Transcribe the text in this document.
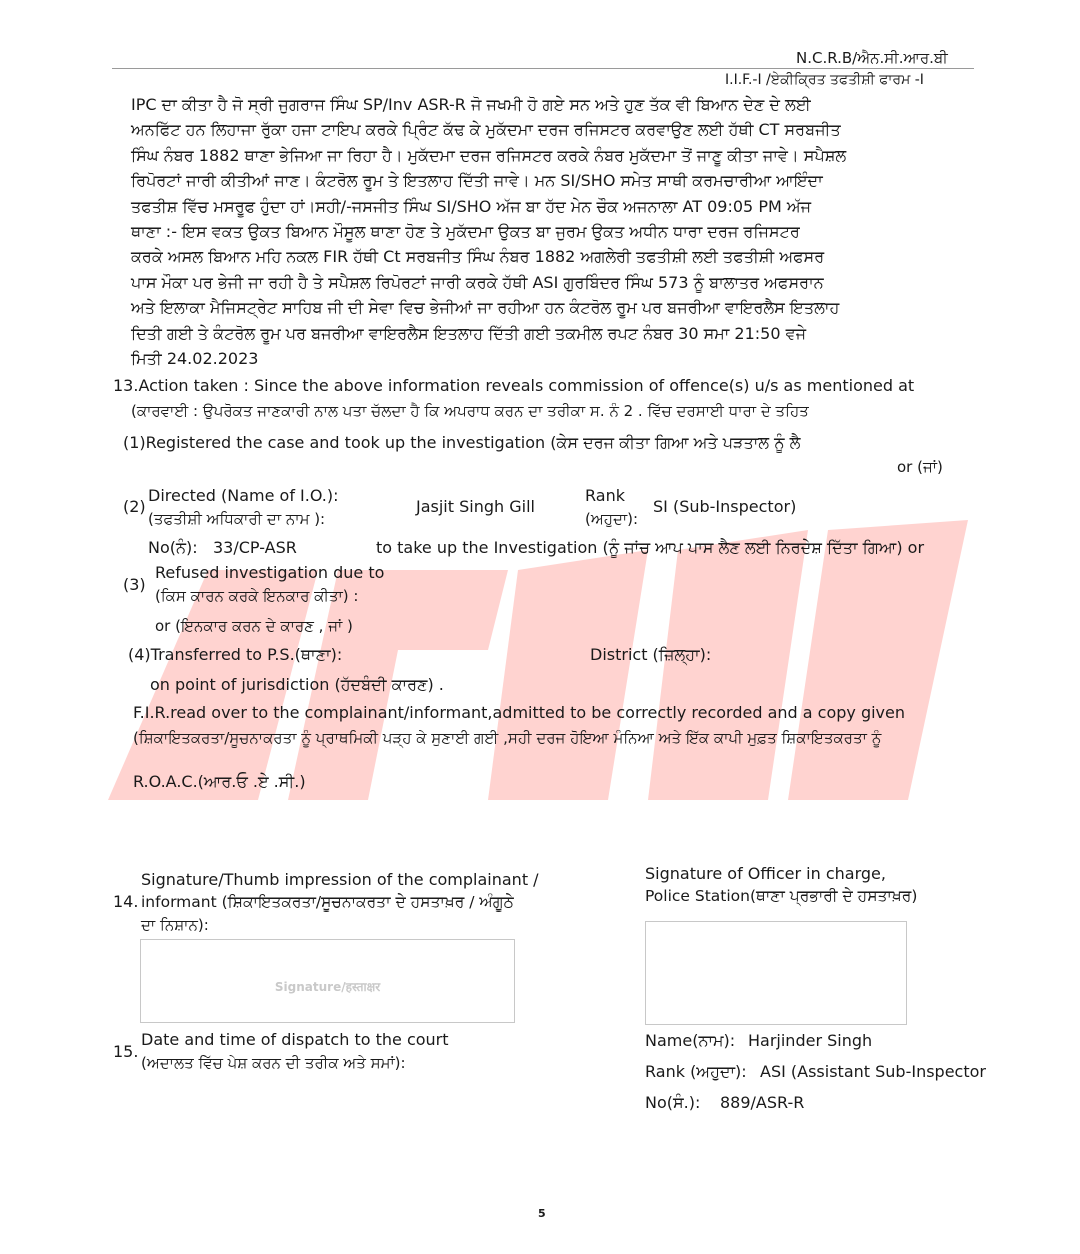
N.C.R.B/ਐਨ.ਸੀ.ਆਰ.ਬੀ
I.I.F.-I /ਏਕੀਕ੍ਰਿਤ ਤਫਤੀਸ਼ੀ ਫਾਰਮ -I
IPC ਦਾ ਕੀਤਾ ਹੈ ਜੋ ਸ੍ਰੀ ਜੁਗਰਾਜ ਸਿੰਘ SP/Inv ASR-R ਜੋ ਜਖਮੀ ਹੋ ਗਏ ਸਨ ਅਤੇ ਹੁਣ ਤੱਕ ਵੀ ਬਿਆਨ ਦੇਣ ਦੇ ਲਈ
ਅਨਫਿੱਟ ਹਨ ਲਿਹਾਜਾ ਰੁੱਕਾ ਹਜਾ ਟਾਇਪ ਕਰਕੇ ਪ੍ਰਿੰਟ ਕੱਢ ਕੇ ਮੁਕੱਦਮਾ ਦਰਜ ਰਜਿਸਟਰ ਕਰਵਾਉਣ ਲਈ ਹੱਥੀ CT ਸਰਬਜੀਤ
ਸਿੰਘ ਨੰਬਰ 1882 ਥਾਣਾ ਭੇਜਿਆ ਜਾ ਰਿਹਾ ਹੈ। ਮੁਕੱਦਮਾ ਦਰਜ ਰਜਿਸਟਰ ਕਰਕੇ ਨੰਬਰ ਮੁਕੱਦਮਾ ਤੋਂ ਜਾਣੂ ਕੀਤਾ ਜਾਵੇ। ਸਪੈਸ਼ਲ
ਰਿਪੋਰਟਾਂ ਜਾਰੀ ਕੀਤੀਆਂ ਜਾਣ। ਕੰਟਰੋਲ ਰੂਮ ਤੇ ਇਤਲਾਹ ਦਿੱਤੀ ਜਾਵੇ। ਮਨ SI/SHO ਸਮੇਤ ਸਾਥੀ ਕਰਮਚਾਰੀਆ ਆਇੰਦਾ
ਤਫਤੀਸ਼ ਵਿੱਚ ਮਸਰੂਫ ਹੁੰਦਾ ਹਾਂ।ਸਹੀ/-ਜਸਜੀਤ ਸਿੰਘ SI/SHO ਅੱਜ ਬਾ ਹੱਦ ਮੇਨ ਚੌਕ ਅਜਨਾਲਾ AT 09:05 PM ਅੱਜ
ਥਾਣਾ :- ਇਸ ਵਕਤ ਉਕਤ ਬਿਆਨ ਮੌਸੂਲ ਥਾਣਾ ਹੋਣ ਤੇ ਮੁਕੱਦਮਾ ਉਕਤ ਬਾ ਜੁਰਮ ਉਕਤ ਅਧੀਨ ਧਾਰਾ ਦਰਜ ਰਜਿਸਟਰ
ਕਰਕੇ ਅਸਲ ਬਿਆਨ ਮਹਿ ਨਕਲ FIR ਹੱਥੀ Ct ਸਰਬਜੀਤ ਸਿੰਘ ਨੰਬਰ 1882 ਅਗਲੇਰੀ ਤਫਤੀਸ਼ੀ ਲਈ ਤਫਤੀਸ਼ੀ ਅਫਸਰ
ਪਾਸ ਮੌਕਾ ਪਰ ਭੇਜੀ ਜਾ ਰਹੀ ਹੈ ਤੇ ਸਪੈਸ਼ਲ ਰਿਪੋਰਟਾਂ ਜਾਰੀ ਕਰਕੇ ਹੱਥੀ ASI ਗੁਰਬਿੰਦਰ ਸਿੰਘ 573 ਨੂੰ ਬਾਲਾਤਰ ਅਫਸਰਾਨ
ਅਤੇ ਇਲਾਕਾ ਮੈਜਿਸਟ੍ਰੇਟ ਸਾਹਿਬ ਜੀ ਦੀ ਸੇਵਾ ਵਿਚ ਭੇਜੀਆਂ ਜਾ ਰਹੀਆ ਹਨ ਕੰਟਰੋਲ ਰੂਮ ਪਰ ਬਜਰੀਆ ਵਾਇਰਲੈਸ ਇਤਲਾਹ
ਦਿਤੀ ਗਈ ਤੇ ਕੰਟਰੋਲ ਰੂਮ ਪਰ ਬਜਰੀਆ ਵਾਇਰਲੈਸ ਇਤਲਾਹ ਦਿੱਤੀ ਗਈ ਤਕਮੀਲ ਰਪਟ ਨੰਬਰ 30 ਸਮਾ 21:50 ਵਜੇ
ਮਿਤੀ 24.02.2023
13.Action taken : Since the above information reveals commission of offence(s) u/s as mentioned at
(ਕਾਰਵਾਈ : ਉਪਰੋਕਤ ਜਾਣਕਾਰੀ ਨਾਲ ਪਤਾ ਚੱਲਦਾ ਹੈ ਕਿ ਅਪਰਾਧ ਕਰਨ ਦਾ ਤਰੀਕਾ ਸ. ਨੰ 2 . ਵਿੱਚ ਦਰਸਾਈ ਧਾਰਾ ਦੇ ਤਹਿਤ
(1)Registered the case and took up the investigation (ਕੇਸ ਦਰਜ ਕੀਤਾ ਗਿਆ ਅਤੇ ਪੜਤਾਲ ਨੂੰ ਲੈ
or (ਜਾਂ)
(2)
Directed (Name of I.O.):
(ਤਫਤੀਸ਼ੀ ਅਧਿਕਾਰੀ ਦਾ ਨਾਮ ):
Jasjit Singh Gill
Rank
(ਅਹੁਦਾ):
SI (Sub-Inspector)
No(ਨੰ): 33/CP-ASR	to take up the Investigation (ਨੂੰ ਜਾਂਚ ਆਪ ਪਾਸ ਲੈਣ ਲਈ ਨਿਰਦੇਸ਼ ਦਿੱਤਾ ਗਿਆ) or
(3)
Refused investigation due to
(ਕਿਸ ਕਾਰਨ ਕਰਕੇ ਇਨਕਾਰ ਕੀਤਾ) :
or (ਇਨਕਾਰ ਕਰਨ ਦੇ ਕਾਰਣ , ਜਾਂ )
(4)Transferred to P.S.(ਥਾਣਾ):	District (ਜ਼ਿਲ੍ਹਾ):
on point of jurisdiction (ਹੱਦਬੰਦੀ ਕਾਰਣ) .
F.I.R.read over to the complainant/informant,admitted to be correctly recorded and a copy given
(ਸ਼ਿਕਾਇਤਕਰਤਾ/ਸੂਚਨਾਕਰਤਾ ਨੂੰ ਪ੍ਰਾਥਮਿਕੀ ਪੜ੍ਹ ਕੇ ਸੁਣਾਈ ਗਈ ,ਸਹੀ ਦਰਜ ਹੋਇਆ ਮੰਨਿਆ ਅਤੇ ਇੱਕ ਕਾਪੀ ਮੁਫ਼ਤ ਸ਼ਿਕਾਇਤਕਰਤਾ ਨੂੰ
R.O.A.C.(ਆਰ.ਓ .ਏ .ਸੀ.)
Signature/Thumb impression of the complainant /
14. informant (ਸ਼ਿਕਾਇਤਕਰਤਾ/ਸੂਚਨਾਕਰਤਾ ਦੇ ਹਸਤਾਖ਼ਰ / ਅੰਗੂਠੇ
ਦਾ ਨਿਸ਼ਾਨ):
Signature/हस्ताक्षर
Signature of Officer in charge,
Police Station(ਥਾਣਾ ਪ੍ਰਭਾਰੀ ਦੇ ਹਸਤਾਖ਼ਰ)
Name(ਨਾਮ): Harjinder Singh
Rank (ਅਹੁਦਾ): ASI (Assistant Sub-Inspector
No(ਸੰ.): 889/ASR-R
15.
Date and time of dispatch to the court
(ਅਦਾਲਤ ਵਿੱਚ ਪੇਸ਼ ਕਰਨ ਦੀ ਤਰੀਕ ਅਤੇ ਸਮਾਂ):
5
